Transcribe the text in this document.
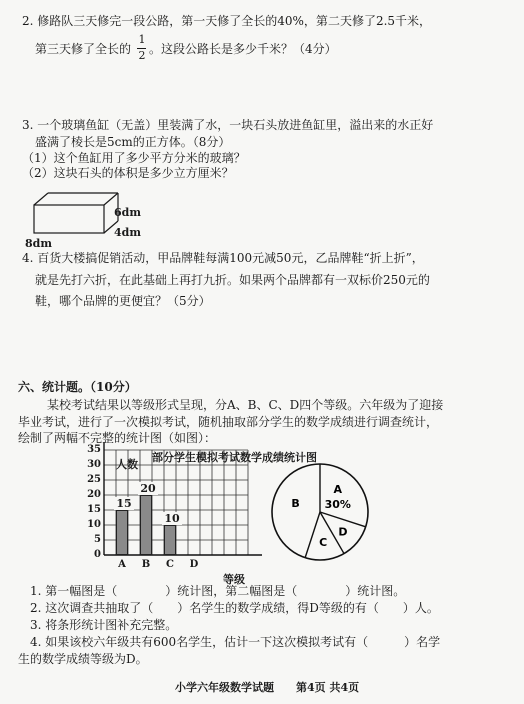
2. 修路队三天修完一段公路，第一天修了全长的40%，第二天修了2.5千米，
第三天修了全长的
1
2 。这段公路长是多少千米？（4分）
3. 一个玻璃鱼缸（无盖）里装满了水，一块石头放进鱼缸里，溢出来的水正好
盛满了棱长是5cm的正方体。（8分）
（1）这个鱼缸用了多少平方分米的玻璃？
（2）这块石头的体积是多少立方厘米？
6dm
4dm
8dm
4. 百货大楼搞促销活动，甲品牌鞋每满100元减50元，乙品牌鞋“折上折”，
就是先打六折，在此基础上再打九折。如果两个品牌都有一双标价250元的
鞋，哪个品牌的更便宜？（5分）
六、统计题。（10分）
某校考试结果以等级形式呈现，分A、B、C、D四个等级。六年级为了迎接
毕业考试，进行了一次模拟考试，随机抽取部分学生的数学成绩进行调查统计，
绘制了两幅不完整的统计图（如图）：
部分学生模拟考试数学成绩统计图
人数
等级
0
5
10
15
20
25
30
35
15
A
20
B
10
C	D
A
30%
B
C
D
1. 第一幅图是（　　　　）统计图，第二幅图是（　　　　）统计图。
2. 这次调查共抽取了（　　）名学生的数学成绩，得D等级的有（　　）人。
3. 将条形统计图补充完整。
4. 如果该校六年级共有600名学生，估计一下这次模拟考试有（　　　）名学
生的数学成绩等级为D。
小学六年级数学试题　　第4页 共4页
